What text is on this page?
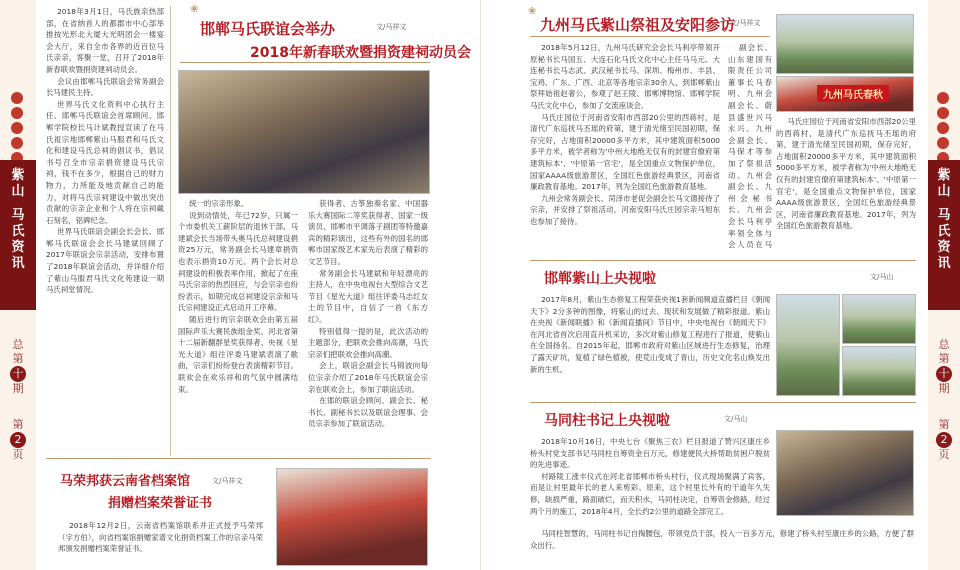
紫
山
马
氏
资
讯
总
第
十
期
第
2
页

2018年3月1日，马氏族亲热部部，在省纳首人的都郡市中心部举推按光形北大厦大光明团会一楼宴会大厅，来自全市各界的近百位马氏亲亲，客聚一堂，召开了2018年新春联欢暨捐资建祠动员会。

会议由邯郸马氏联谊会常务副会长马建民主持。

世界马氏文化资料中心执行主任、邯郸马氏联谊会首席顾问、邯郸学院校长马计斌教授宣读了在马氏祖宗地邯郸紫山马服君和马氏文化和建设马氏总祠的倡议书，倡议书号召全市宗亲捐资建设马氏宗祠，钱不在多少，根据自己的财力物力，力所能及地贡献自己的能力，对将马氏宗祠建设中做出突出贡献的宗亲企业和个人将在宗祠載石刻名，铭碑纪念。

世界马氏联谊会副会长会长、邯郸马氏联谊会会长马建斌回顾了2017年联谊会宗亲活动，安排布置了2018年联谊会活动，并详细介绍了紫山马服君马氏文化苑建设一期马氏祠堂情况。

❀
邯郸马氏联谊会举办	文/马祥文
2018年新春联欢暨捐资建祠动员会

统一的宗亲形象。

说到动情处，年已72岁，只属一个市委机关工薪阶层的退休干部，马建斌会长当场带头奥马氏总祠建设捐资25万元，常务副会长马建章捐资也表示捐资10万元。两个会长对总祠建设的积极表率作用，掀起了在座马氏宗亲的热烈回应，与会宗亲也纷纷表示，如期完成总祠建设宗亲和马氏宗祠建设正式启动开工序幕。

随后进行的宗亲联欢会由第五届国际声乐大赛民族组金奖、河北省第十二届新翻群星奖获得者、央视《星光大道》组往评委马建斌表演了歌曲，宗亲们纷纷登台表演精彩节目。联欢会在欢乐祥和的气氛中圆满结束。

获得者、古筝独奏名家、中国器乐大赛国际二等奖获得者、国家一级演员、邯郸市平调落子剧团等特邀嘉宾的精彩演出，这些有外的国名的邯郸市国家级艺术家先后表演了精彩的文艺节目。

常务副会长马建斌和年轻漂亮的主持人，在中央电视台大型综合文艺节目《星光大道》组往评委马志红女士的节目中，自信了一首《东方红》。

特别值得一提的是，此次活动的主题部分，把联欢会推向高潮，马氏宗亲们把联欢会推向高潮。

会上，联谊会副会长马锦波向每位宗亲介绍了2018年马氏联谊会宗亲在联欢会上，参加了联谊活动。

在邯的联谊会顾问、副会长、秘书长、副秘书长以及联谊会理事、会员宗亲参加了联谊活动。

马荣邦获云南省档案馆	文/马祥文
捐赠档案荣誉证书

2018年12月2日，云南省档案馆联系并正式授予马荣邦（字方伯），向省档案馆捐赠家谱文化捐资档案工作的宗亲马荣邦颁发捐赠档案荣誉证书。

❀
九州马氏紫山祭祖及安阳参访
文/马祥文

2018年5月12日，九州马氏研究会会长马利亭带领开原秘书长马国五、大连石化马氏文化中心主任马马元、大连秘书长马志武、武汉秘书长马、深圳、梅州市、丰县、宝鸡、广东、广西、北京等各地宗亲30余人，到邯郸紫山祭拜始祖赵奢公，参观了赵王陵、邯郸博物馆、邯郸学院马氏文化中心，参加了交流座谈会。

马氏庄园位于河南省安阳市西部20公里的西蒋村，是清代广东巡抚马丕瑶的府第，建于清光绪至民国初期，保存完好，占地面积20000多平方米，其中建筑面积5000多平方米，被学者称为'中州大地绝无仅有的封建官僚府第建筑标本'、'中原第一官宅'，是全国重点文物保护单位，国家AAAA级旅游景区，全国红色旅游经典景区，河南省廉政教育基地。2017年，列为全国红色旅游教育基地。

九州会常务副会长、菏泽市老促会副会长马文德接待了宗亲，并安排了祭祖活动，河南安阳马氏庄园宗亲马旭东也参加了接待。

副会长、山东建国有限责任公司董事长马春明、九州会副会长、蔚县盛世兴马永兴、九州会副会长、马保才等参加了祭祖活动。九州会副会长、九州会秘书长、九州会会长马利亭率领全体与会人员在马

九州马氏春秋

马氏庄园位于河南省安阳市西部20公里的西蒋村，是清代广东巡抚马丕瑶的府第，建于清光绪至民国初期，保存完好，占地面积20000多平方米，其中建筑面积5000多平方米，被学者称为'中州大地绝无仅有的封建官僚府第建筑标本'、'中原第一官宅'，是全国重点文物保护单位，国家AAAA级旅游景区，全国红色旅游经典景区，河南省廉政教育基地。2017年，列为全国红色旅游教育基地。

邯郸紫山上央视啦	文/马山

2017年8月，紫山生态修复工程荣获央视1套新闻频道直播栏目《朝闻天下》2分多钟的图像，将紫山的过去、现状和发展做了精彩报道。紫山在央视《新闻联播》和《新闻直播间》节目中，中央电视台《朝闻天下》在河北省首次启用直升机采访，多次对紫山修复工程进行了报道，使紫山在全国扬名。自2015年起，邯郸市政府对紫山区域进行生态修复，治理了露天矿坑，复植了绿色植被，使荒山变成了青山，历史文化名山焕发出新的生机。

马同柱书记上央视啦	文/马山

2018年10月16日，中央七台《聚焦三农》栏目报道了赞兴区康庄乡桥头村党支部书记马同柱自筹资金百万元，修建便民大桥帮助贫困户脱贫的先进事迹。

村路陵工涨丰仪式在河北省邯郸市桥头村行，仪式现场聚满了宾客，而是让村里最年长的老人来剪彩。原来，这个村里长外有的干道年久失修，缺损严重，路面破烂，而天积水，马同柱决定，自筹资金修路，经过两个月的施工，2018年4月，全长约2公里的道路全部完工。

马同柱智慧的，马同柱书记自掏腰包，带领党员干部，投入一百多万元，修建了桥头村至康庄乡的公路，方便了群众出行。

紫
山
马
氏
资
讯
总
第
十
期
第
2
页
